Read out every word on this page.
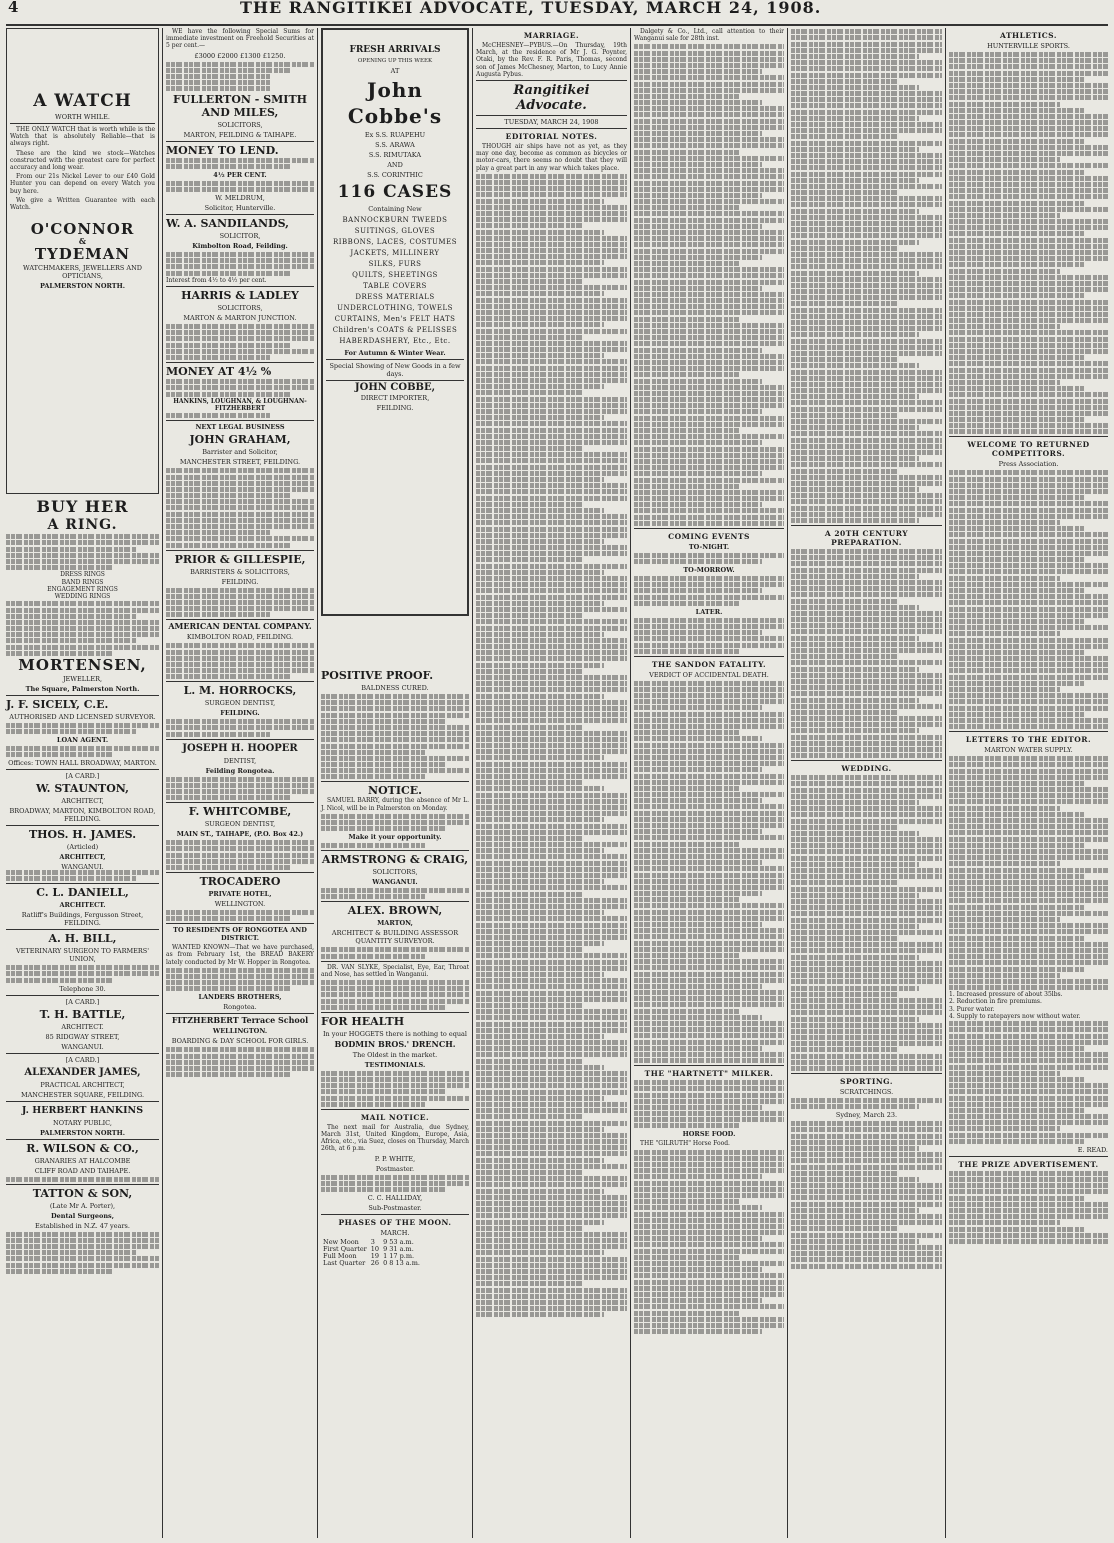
4	THE RANGITIKEI ADVOCATE, TUESDAY, MARCH 24, 1908.
A WATCH
WORTH WHILE.
THE ONLY WATCH that is worth while is the Watch that is absolutely Reliable—that is always right.
These are the kind we stock—Watches constructed with the greatest care for perfect accuracy and long wear.
From our 21s Nickel Lever to our £40 Gold Hunter you can depend on every Watch you buy here.
We give a Written Guarantee with each Watch.
O'CONNOR
&
TYDEMAN
WATCHMAKERS, JEWELLERS AND OPTICIANS,
PALMERSTON NORTH.
BUY HER
A RING.
DRESS RINGS
BAND RINGS
ENGAGEMENT RINGS
WEDDING RINGS
MORTENSEN,
JEWELLER,
The Square, Palmerston North.
J. F. SICELY, C.E.
AUTHORISED AND LICENSED SURVEYOR.
LOAN AGENT.
Offices: TOWN HALL BROADWAY, MARTON.
[A CARD.]
W. STAUNTON,
ARCHITECT,
BROADWAY, MARTON, KIMBOLTON ROAD, FEILDING.
THOS. H. JAMES.
(Articled)
ARCHITECT,
WANGANUI.
C. L. DANIELL,
ARCHITECT.
Ratliff's Buildings, Fergusson Street, FEILDING.
A. H. BILL,
VETERINARY SURGEON TO FARMERS' UNION,
Telephone 30.
[A CARD.]
T. H. BATTLE,
ARCHITECT.
85 RIDGWAY STREET,
WANGANUI.
[A CARD.]
ALEXANDER JAMES,
PRACTICAL ARCHITECT,
MANCHESTER SQUARE, FEILDING.
J. HERBERT HANKINS
NOTARY PUBLIC,
PALMERSTON NORTH.
R. WILSON & CO.,
GRANARIES AT HALCOMBE
CLIFF ROAD AND TAIHAPE.
TATTON & SON,
(Late Mr A. Porter),
Dental Surgeons,
Established in N.Z. 47 years.
WE have the following Special Sums for immediate investment on Freehold Securities at 5 per cent.—
£3000 £2000 £1300 £1250.
FULLERTON - SMITH AND MILES,
SOLICITORS,
MARTON, FEILDING & TAIHAPE.
MONEY TO LEND.
4½ PER CENT.
W. MELDRUM,
Solicitor, Hunterville.
W. A. SANDILANDS,
SOLICITOR,
Kimbolton Road, Feilding.
Interest from 4½ to 4½ per cent.
HARRIS & LADLEY
SOLICITORS,
MARTON & MARTON JUNCTION.
MONEY AT 4½ %
HANKINS, LOUGHNAN, & LOUGHNAN-FITZHERBERT
NEXT LEGAL BUSINESS
JOHN GRAHAM,
Barrister and Solicitor,
MANCHESTER STREET, FEILDING.
PRIOR & GILLESPIE,
BARRISTERS & SOLICITORS,
FEILDING.
AMERICAN DENTAL COMPANY.
KIMBOLTON ROAD, FEILDING.
L. M. HORROCKS,
SURGEON DENTIST,
FEILDING.
JOSEPH H. HOOPER
DENTIST,
Feilding Rongotea.
F. WHITCOMBE,
SURGEON DENTIST,
MAIN ST., TAIHAPE, (P.O. Box 42.)
TROCADERO
PRIVATE HOTEL,
WELLINGTON.
TO RESIDENTS OF RONGOTEA AND DISTRICT.
WANTED KNOWN—That we have purchased, as from February 1st, the BREAD BAKERY lately conducted by Mr W. Hopper in Rongotea.
LANDERS BROTHERS,
Rongotea.
FITZHERBERT Terrace School
WELLINGTON.
BOARDING & DAY SCHOOL FOR GIRLS.
FRESH ARRIVALS
OPENING UP THIS WEEK
AT
John Cobbe's
Ex S.S. RUAPEHU
S.S. ARAWA
S.S. RIMUTAKA
AND
S.S. CORINTHIC
116 CASES
Containing New
BANNOCKBURN TWEEDS
SUITINGS, GLOVES
RIBBONS, LACES, COSTUMES
JACKETS, MILLINERY
SILKS, FURS
QUILTS, SHEETINGS
TABLE COVERS
DRESS MATERIALS
UNDERCLOTHING, TOWELS
CURTAINS, Men's FELT HATS
Children's COATS & PELISSES
HABERDASHERY, Etc., Etc.
For Autumn & Winter Wear.
Special Showing of New Goods in a few days.
JOHN COBBE,
DIRECT IMPORTER,
FEILDING.
POSITIVE PROOF.
BALDNESS CURED.
NOTICE.
SAMUEL BARRY, during the absence of Mr L. J. Nicol, will be in Palmerston on Monday.
Make it your opportunity.
ARMSTRONG & CRAIG,
SOLICITORS,
WANGANUI.
ALEX. BROWN,
MARTON,
ARCHITECT & BUILDING ASSESSOR QUANTITY SURVEYOR.
DR. VAN SLYKE, Specialist, Eye, Ear, Throat and Nose, has settled in Wanganui.
FOR HEALTH
In your HOGGETS there is nothing to equal
BODMIN BROS.' DRENCH.
The Oldest in the market.
TESTIMONIALS.
MAIL NOTICE.
The next mail for Australia, due Sydney, March 31st, United Kingdom, Europe, Asia, Africa, etc., via Suez, closes on Thursday, March 26th, at 6 p.m.
P. P. WHITE,
Postmaster.
C. C. HALLIDAY,
Sub-Postmaster.
PHASES OF THE MOON.
MARCH.
New Moon	3	9 53 a.m.
First Quarter	10	9 31 a.m.
Full Moon	19	1 17 p.m.
Last Quarter	26	0 8 13 a.m.
MARRIAGE.
McCHESNEY—PYBUS.—On Thursday, 19th March, at the residence of Mr J. G. Poynter, Otaki, by the Rev. F. R. Paris, Thomas, second son of James McChesney, Marton, to Lucy Annie Augusta Pybus.
Rangitikei Advocate.
TUESDAY, MARCH 24, 1908
EDITORIAL NOTES.
THOUGH air ships have not as yet, as they may one day, become as common as bicycles or motor-cars, there seems no doubt that they will play a great part in any war which takes place.
Dalgety & Co., Ltd., call attention to their Wanganui sale for 28th inst.
COMING EVENTS
TO-NIGHT.
TO-MORROW.
LATER.
THE SANDON FATALITY.
VERDICT OF ACCIDENTAL DEATH.
THE "HARTNETT" MILKER.
HORSE FOOD.
THE "GILRUTH" Horse Food.
A 20TH CENTURY PREPARATION.
WEDDING.
SPORTING.
SCRATCHINGS.
Sydney, March 23.
ATHLETICS.
HUNTERVILLE SPORTS.
WELCOME TO RETURNED COMPETITORS.
Press Association.
LETTERS TO THE EDITOR.
MARTON WATER SUPPLY.
1. Increased pressure of about 35lbs.
2. Reduction in fire premiums.
3. Purer water.
4. Supply to ratepayers now without water.
E. READ.
THE PRIZE ADVERTISEMENT.
